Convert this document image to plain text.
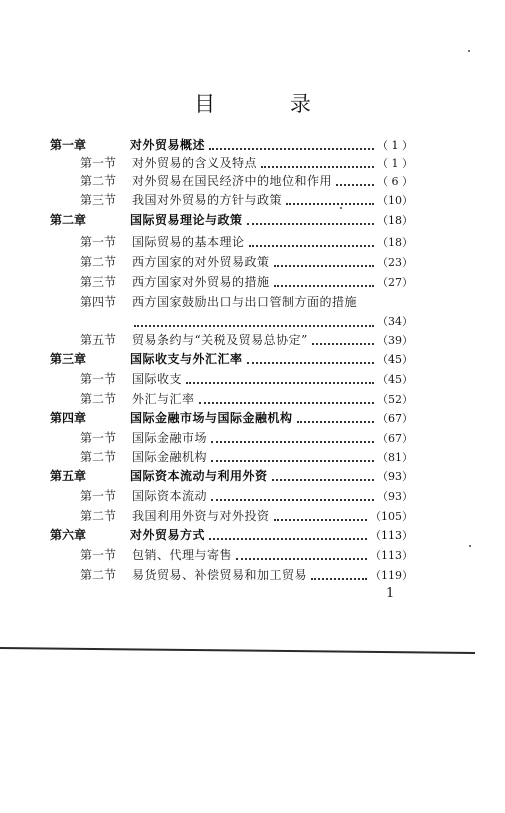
目 录
第一章	对外贸易概述	（ 1 ）
第一节	对外贸易的含义及特点	（ 1 ）
第二节	对外贸易在国民经济中的地位和作用	（ 6 ）
第三节	我国对外贸易的方针与政策	（10）
第二章	国际贸易理论与政策	（18）
第一节	国际贸易的基本理论	（18）
第二节	西方国家的对外贸易政策	（23）
第三节	西方国家对外贸易的措施	（27）
第四节	西方国家鼓励出口与出口管制方面的措施
（34）
第五节	贸易条约与“关税及贸易总协定”	（39）
第三章	国际收支与外汇汇率	（45）
第一节	国际收支	（45）
第二节	外汇与汇率	（52）
第四章	国际金融市场与国际金融机构	（67）
第一节	国际金融市场	（67）
第二节	国际金融机构	（81）
第五章	国际资本流动与利用外资	（93）
第一节	国际资本流动	（93）
第二节	我国利用外资与对外投资	（105）
第六章	对外贸易方式	（113）
第一节	包销、代理与寄售	（113）
第二节	易货贸易、补偿贸易和加工贸易	（119）
1
